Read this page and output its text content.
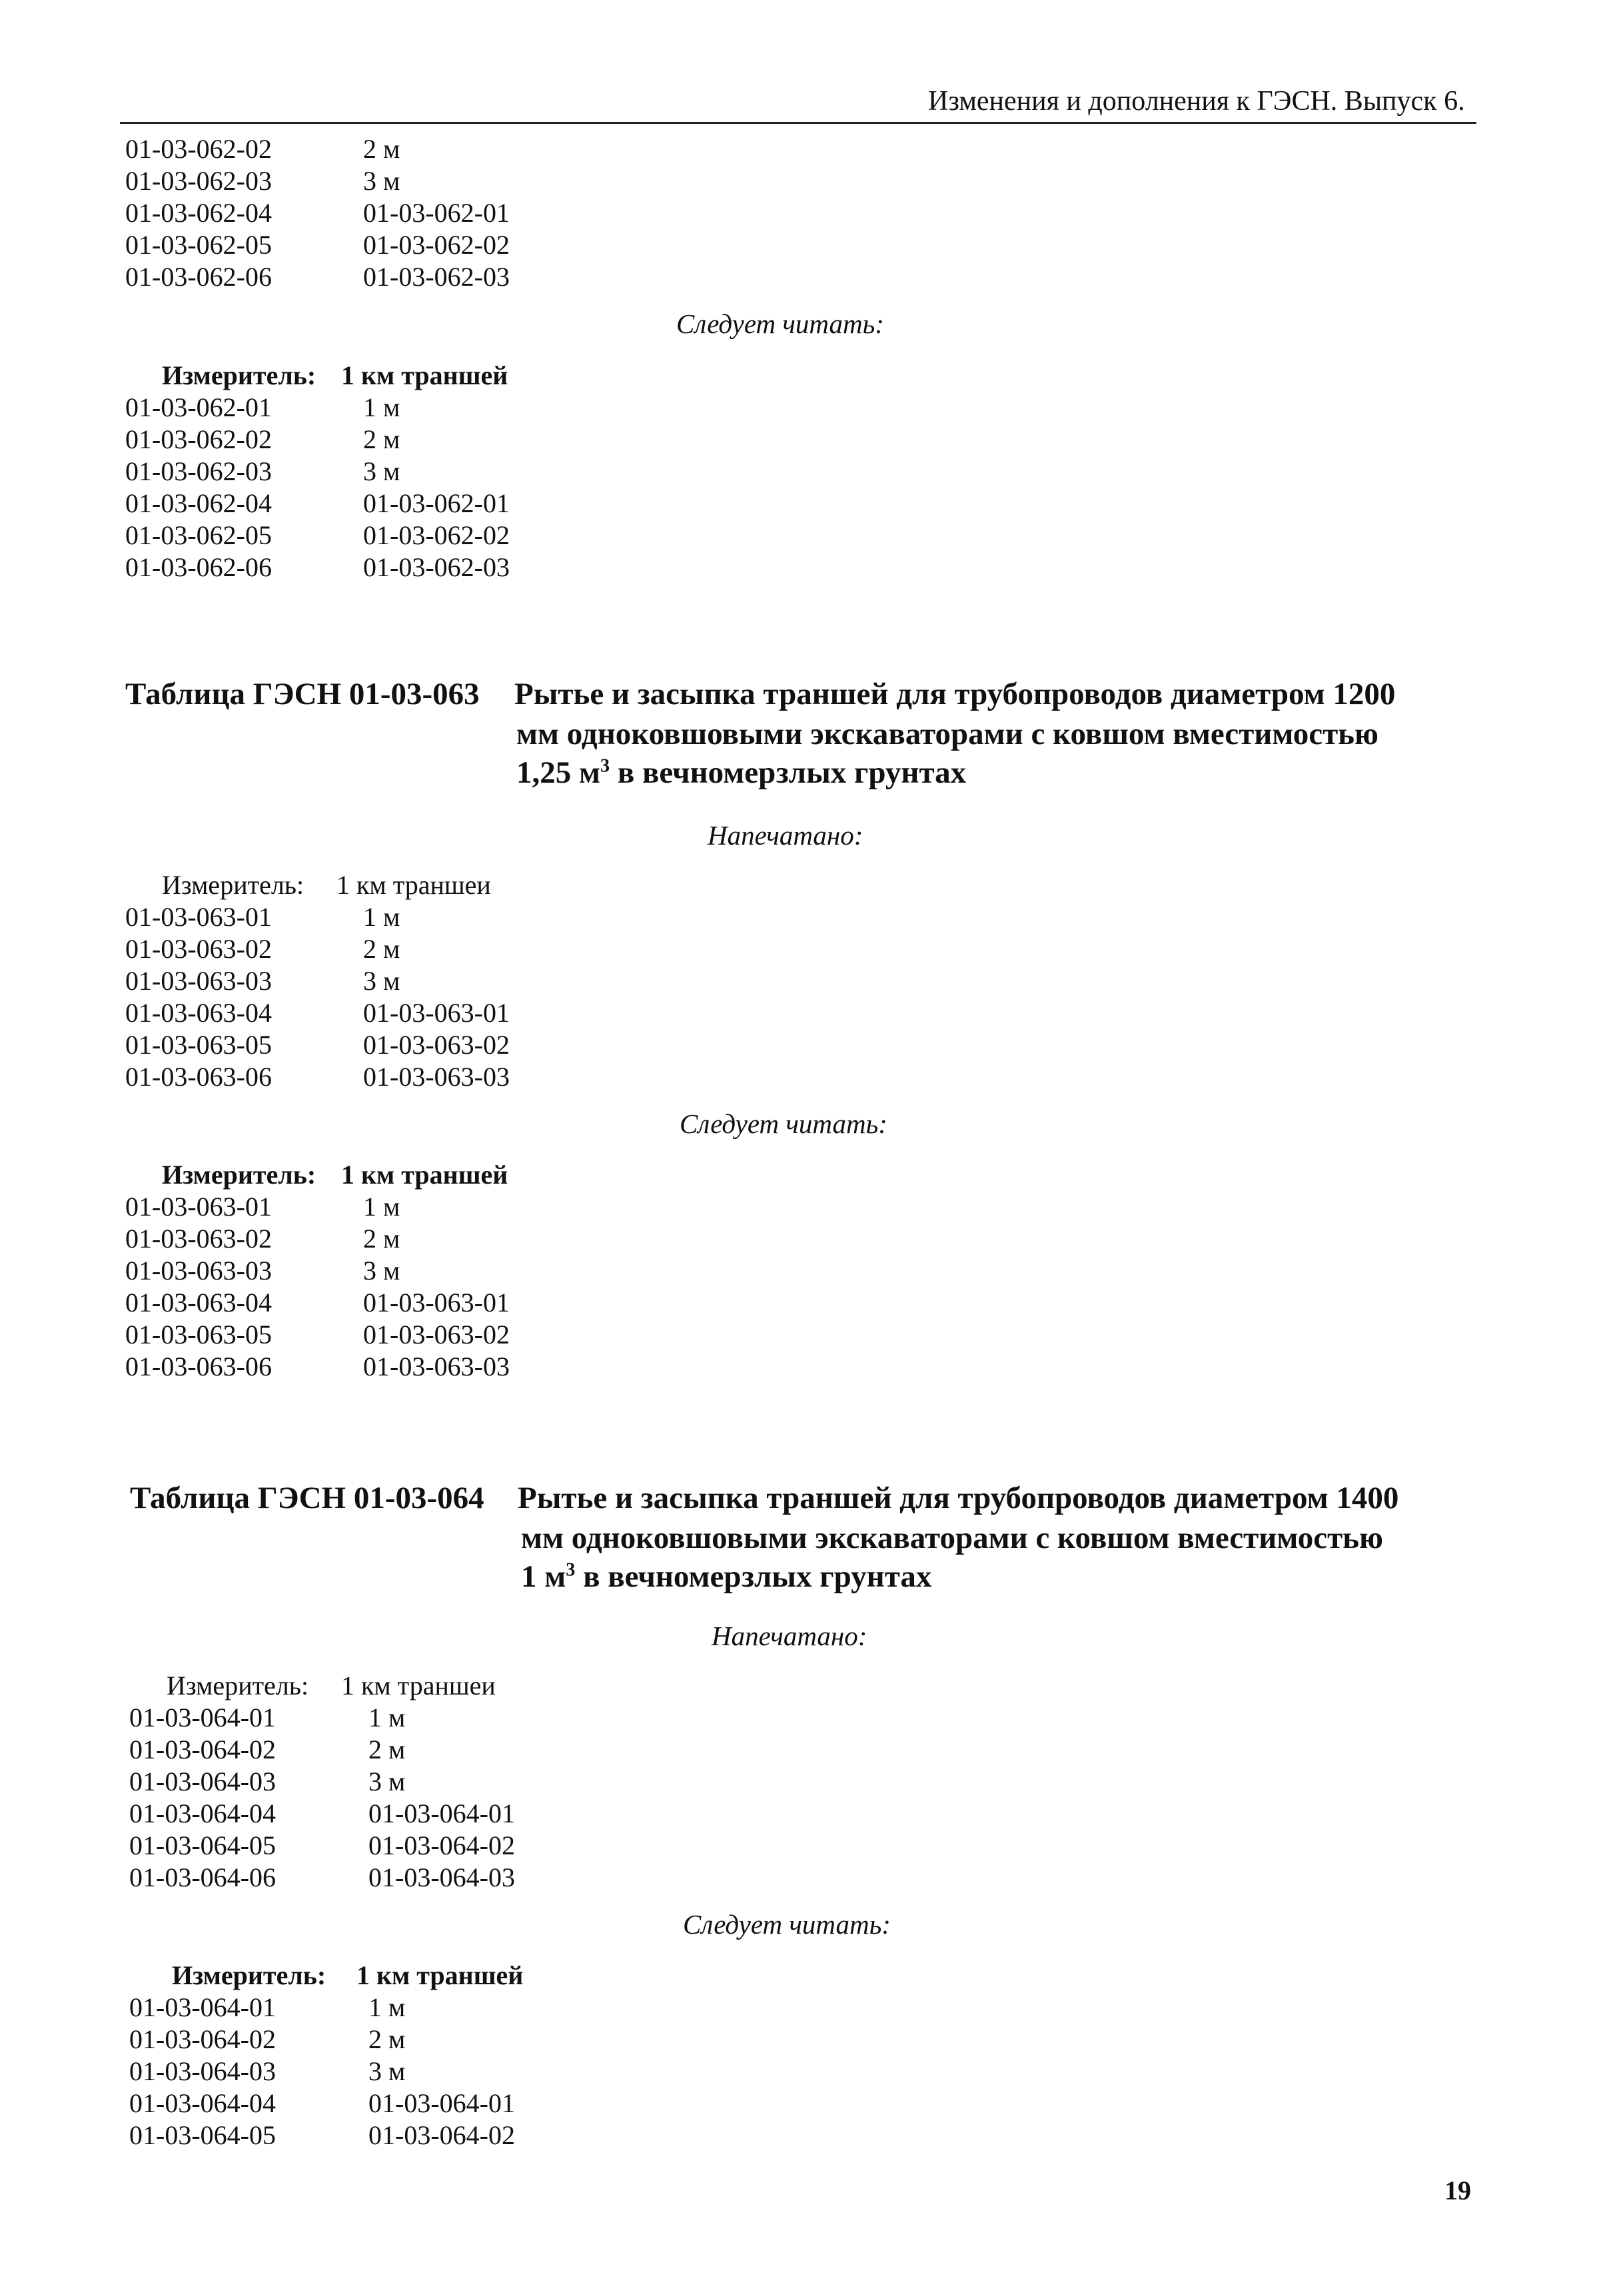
Изменения и дополнения к ГЭСН. Выпуск 6.
01-03-062-02	2 м
01-03-062-03	3 м
01-03-062-04	01-03-062-01
01-03-062-05	01-03-062-02
01-03-062-06	01-03-062-03
Следует читать:
Измеритель: 1 км траншей
01-03-062-01	1 м
01-03-062-02	2 м
01-03-062-03	3 м
01-03-062-04	01-03-062-01
01-03-062-05	01-03-062-02
01-03-062-06	01-03-062-03
Таблица ГЭСН 01-03-063 Рытье и засыпка траншей для трубопроводов диаметром 1200
мм одноковшовыми экскаваторами с ковшом вместимостью
1,25 $м^3$ в вечномерзлых грунтах
Напечатано:
Измеритель: 1 км траншеи
01-03-063-01	1 м
01-03-063-02	2 м
01-03-063-03	3 м
01-03-063-04	01-03-063-01
01-03-063-05	01-03-063-02
01-03-063-06	01-03-063-03
Следует читать:
Измеритель: 1 км траншей
01-03-063-01	1 м
01-03-063-02	2 м
01-03-063-03	3 м
01-03-063-04	01-03-063-01
01-03-063-05	01-03-063-02
01-03-063-06	01-03-063-03
Таблица ГЭСН 01-03-064 Рытье и засыпка траншей для трубопроводов диаметром 1400
мм одноковшовыми экскаваторами с ковшом вместимостью
1 $м^3$ в вечномерзлых грунтах
Напечатано:
Измеритель: 1 км траншеи
01-03-064-01	1 м
01-03-064-02	2 м
01-03-064-03	3 м
01-03-064-04	01-03-064-01
01-03-064-05	01-03-064-02
01-03-064-06	01-03-064-03
Следует читать:
Измеритель: 1 км траншей
01-03-064-01	1 м
01-03-064-02	2 м
01-03-064-03	3 м
01-03-064-04	01-03-064-01
01-03-064-05	01-03-064-02
19
